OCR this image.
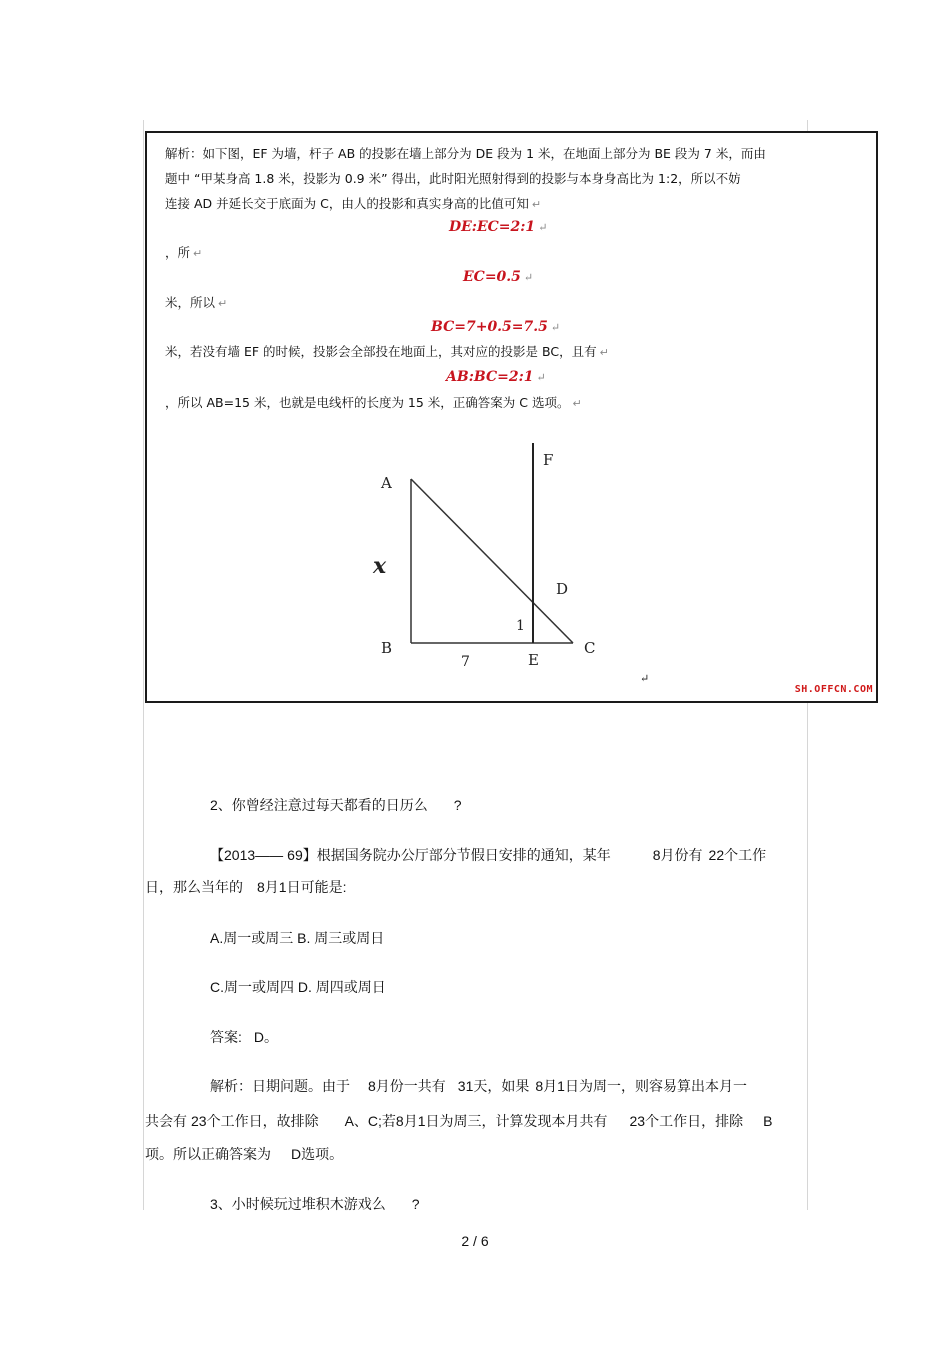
解析：如下图，EF 为墙，杆子 AB 的投影在墙上部分为 DE 段为 1 米，在地面上部分为 BE 段为 7 米，而由
题中 “甲某身高 1.8 米，投影为 0.9 米” 得出，此时阳光照射得到的投影与本身身高比为 1:2，所以不妨
连接 AD 并延长交于底面为 C，由人的投影和真实身高的比值可知 ↵
DE:EC=2:1 ↵
，所 ↵
EC=0.5 ↵
米，所以 ↵
BC=7+0.5=7.5 ↵
米，若没有墙 EF 的时候，投影会全部投在地面上，其对应的投影是 BC，且有 ↵
AB:BC=2:1 ↵
，所以 AB=15 米，也就是电线杆的长度为 15 米，正确答案为 C 选项。 ↵
A
B	C
D
E
F
x
1
7
↵
SH.OFFCN.COM
2、你曾经注意过每天都看的日历么 ?
【2013—— 69】根据国务院办公厅部分节假日安排的通知，某年	8月份有 22个工作
日，那么当年的 8月1日可能是:
A.周一或周三 B. 周三或周日
C.周一或周四 D. 周四或周日
答案: D。
解析：日期问题。由于 8月份一共有 31天，如果 8月1日为周一，则容易算出本月一
共会有 23个工作日，故排除 A、C;若8月1日为周三，计算发现本月共有 23个工作日，排除 B
项。所以正确答案为 D选项。
3、小时候玩过堆积木游戏么 ?
2 / 6
